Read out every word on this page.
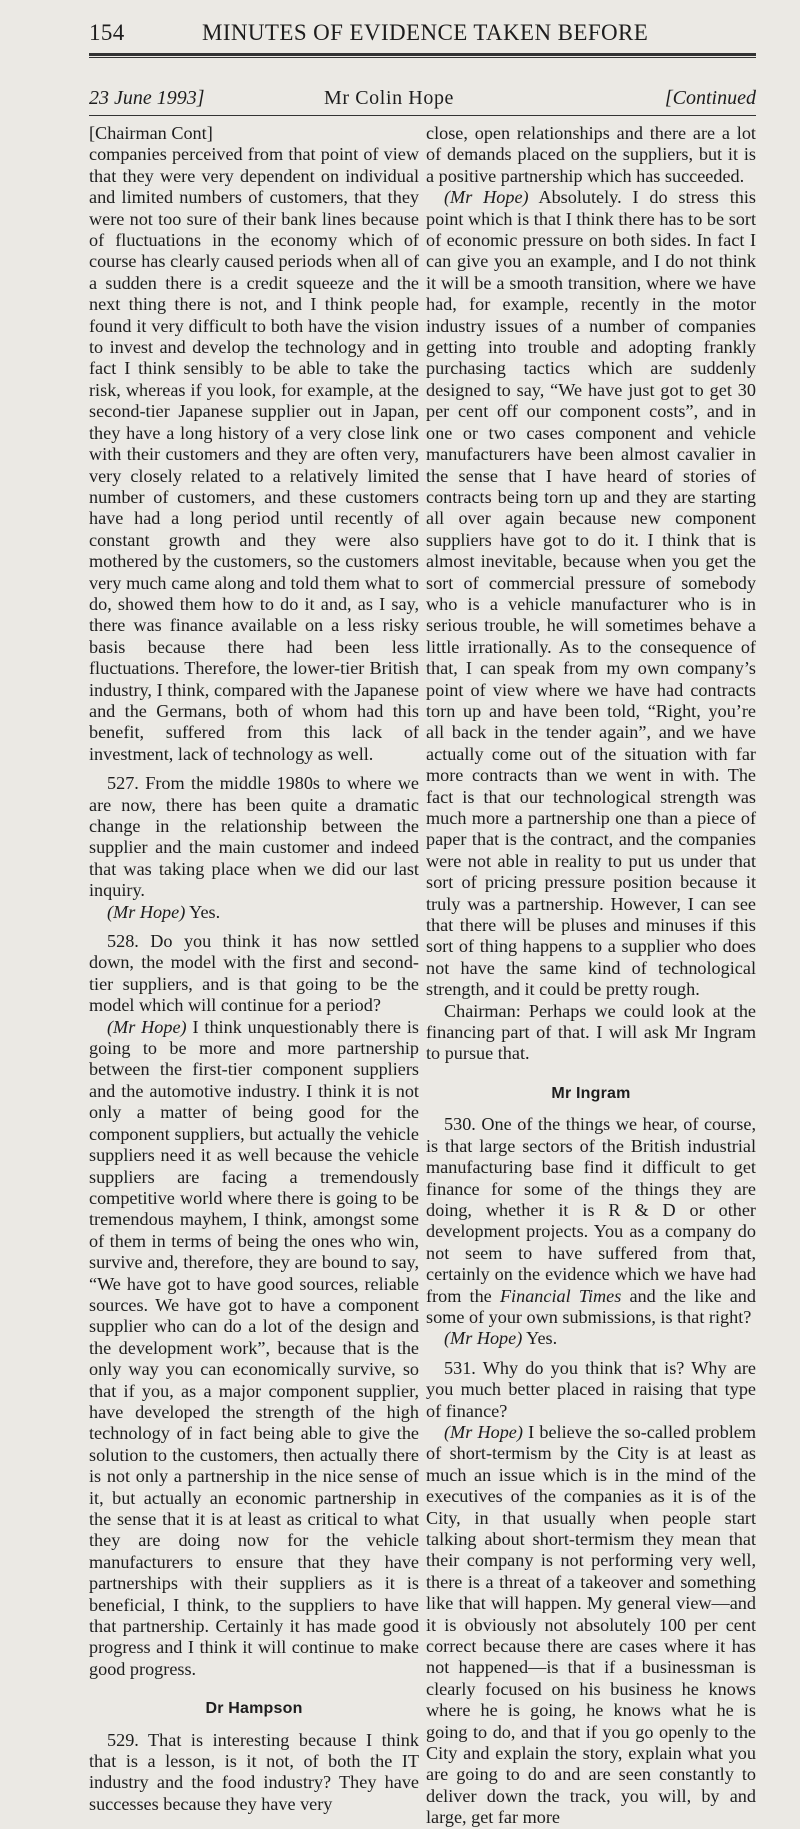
154	MINUTES OF EVIDENCE TAKEN BEFORE
23 June 1993]	Mr Colin Hope	[Continued

[Chairman Cont]

companies perceived from that point of view that they were very dependent on individual and limited numbers of customers, that they were not too sure of their bank lines because of fluctuations in the economy which of course has clearly caused periods when all of a sudden there is a credit squeeze and the next thing there is not, and I think people found it very difficult to both have the vision to invest and develop the technology and in fact I think sensibly to be able to take the risk, whereas if you look, for example, at the second-tier Japanese supplier out in Japan, they have a long history of a very close link with their customers and they are often very, very closely related to a relatively limited number of customers, and these customers have had a long period until recently of constant growth and they were also mothered by the customers, so the customers very much came along and told them what to do, showed them how to do it and, as I say, there was finance available on a less risky basis because there had been less fluctuations. Therefore, the lower-tier British industry, I think, compared with the Japanese and the Germans, both of whom had this benefit, suffered from this lack of investment, lack of technology as well.

527. From the middle 1980s to where we are now, there has been quite a dramatic change in the relationship between the supplier and the main customer and indeed that was taking place when we did our last inquiry.

(Mr Hope) Yes.

528. Do you think it has now settled down, the model with the first and second-tier suppliers, and is that going to be the model which will continue for a period?

(Mr Hope) I think unquestionably there is going to be more and more partnership between the first-tier component suppliers and the automotive industry. I think it is not only a matter of being good for the component suppliers, but actually the vehicle suppliers need it as well because the vehicle suppliers are facing a tremendously competitive world where there is going to be tremendous mayhem, I think, amongst some of them in terms of being the ones who win, survive and, therefore, they are bound to say, “We have got to have good sources, reliable sources. We have got to have a component supplier who can do a lot of the design and the development work”, because that is the only way you can economically survive, so that if you, as a major component supplier, have developed the strength of the high technology of in fact being able to give the solution to the customers, then actually there is not only a partnership in the nice sense of it, but actually an economic partnership in the sense that it is at least as critical to what they are doing now for the vehicle manufacturers to ensure that they have partnerships with their suppliers as it is beneficial, I think, to the suppliers to have that partnership. Certainly it has made good progress and I think it will continue to make good progress.

Dr Hampson

529. That is interesting because I think that is a lesson, is it not, of both the IT industry and the food industry? They have successes because they have very

close, open relationships and there are a lot of demands placed on the suppliers, but it is a positive partnership which has succeeded.

(Mr Hope) Absolutely. I do stress this point which is that I think there has to be sort of economic pressure on both sides. In fact I can give you an example, and I do not think it will be a smooth transition, where we have had, for example, recently in the motor industry issues of a number of companies getting into trouble and adopting frankly purchasing tactics which are suddenly designed to say, “We have just got to get 30 per cent off our component costs”, and in one or two cases component and vehicle manufacturers have been almost cavalier in the sense that I have heard of stories of contracts being torn up and they are starting all over again because new component suppliers have got to do it. I think that is almost inevitable, because when you get the sort of commercial pressure of somebody who is a vehicle manufacturer who is in serious trouble, he will sometimes behave a little irrationally. As to the consequence of that, I can speak from my own company’s point of view where we have had contracts torn up and have been told, “Right, you’re all back in the tender again”, and we have actually come out of the situation with far more contracts than we went in with. The fact is that our technological strength was much more a partnership one than a piece of paper that is the contract, and the companies were not able in reality to put us under that sort of pricing pressure position because it truly was a partnership. However, I can see that there will be pluses and minuses if this sort of thing happens to a supplier who does not have the same kind of technological strength, and it could be pretty rough.

Chairman: Perhaps we could look at the financing part of that. I will ask Mr Ingram to pursue that.

Mr Ingram

530. One of the things we hear, of course, is that large sectors of the British industrial manufacturing base find it difficult to get finance for some of the things they are doing, whether it is R & D or other development projects. You as a company do not seem to have suffered from that, certainly on the evidence which we have had from the Financial Times and the like and some of your own submissions, is that right?

(Mr Hope) Yes.

531. Why do you think that is? Why are you much better placed in raising that type of finance?

(Mr Hope) I believe the so-called problem of short-termism by the City is at least as much an issue which is in the mind of the executives of the companies as it is of the City, in that usually when people start talking about short-termism they mean that their company is not performing very well, there is a threat of a takeover and something like that will happen. My general view—and it is obviously not absolutely 100 per cent correct because there are cases where it has not happened—is that if a businessman is clearly focused on his business he knows where he is going, he knows what he is going to do, and that if you go openly to the City and explain the story, explain what you are going to do and are seen constantly to deliver down the track, you will, by and large, get far more
